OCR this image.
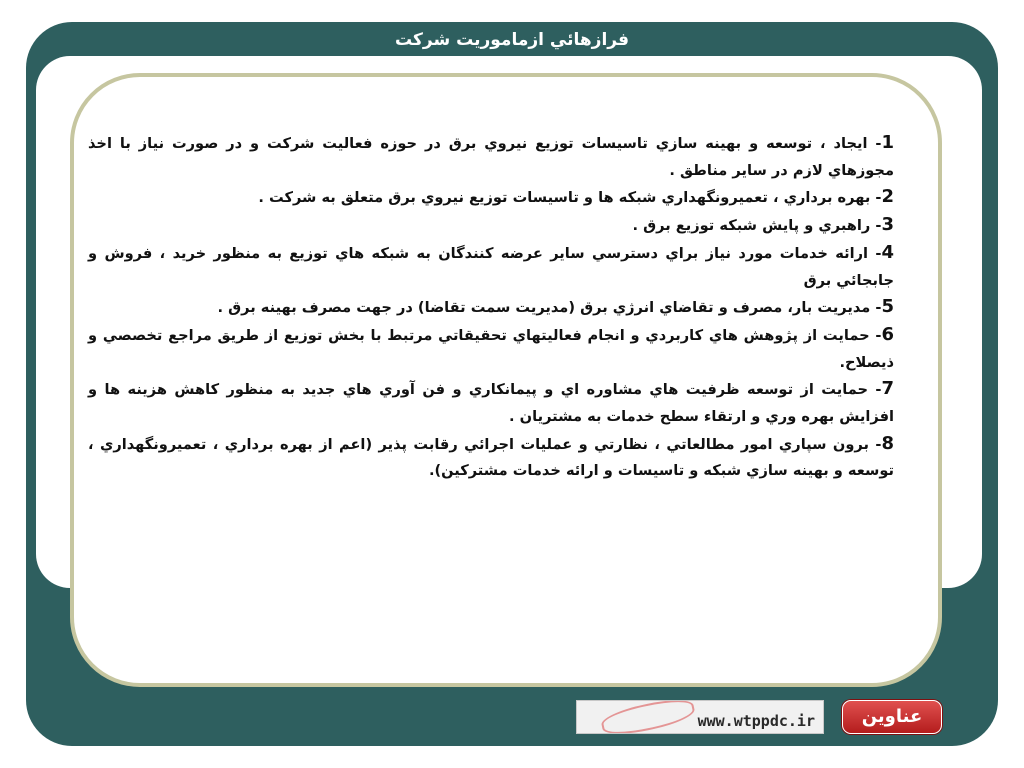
فرازهائي ازماموريت شركت

1- ايجاد ، توسعه و بهينه سازي تاسيسات توزيع نيروي برق در حوزه فعاليت شركت و در صورت نياز با اخذ مجوزهاي لازم در ساير مناطق .

2- بهره برداري ، تعميرونگهداري شبكه ها و تاسيسات توزيع نيروي برق متعلق به شركت .

3- راهبري و پايش شبكه توزيع برق .

4- ارائه خدمات مورد نياز براي دسترسي ساير عرضه كنندگان به شبكه هاي توزيع به منظور خريد ، فروش و جابجائي برق

5- مديريت بار، مصرف و تقاضاي انرژي برق (مديريت سمت تقاضا) در جهت مصرف بهينه برق .

6- حمايت از پژوهش هاي كاربردي و انجام فعاليتهاي تحقيقاتي مرتبط با بخش توزيع از طريق مراجع تخصصي و ذيصلاح.

7- حمايت از توسعه ظرفيت هاي مشاوره اي و پيمانكاري و فن آوري هاي جديد به منظور كاهش هزينه ها و افزايش بهره وري و ارتقاء سطح خدمات به مشتريان .

8- برون سپاري امور مطالعاتي ، نظارتي و عمليات اجرائي رقابت پذير (اعم از بهره برداري ، تعميرونگهداري ، توسعه و بهينه سازي شبكه و تاسيسات و ارائه خدمات مشتركين).

www.wtppdc.ir	عناوين
